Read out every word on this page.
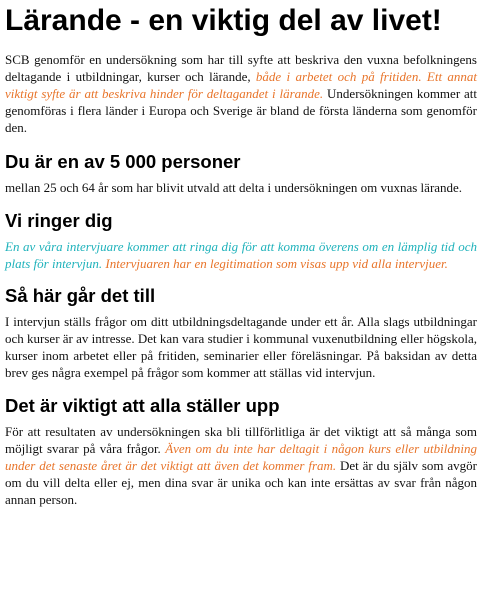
Lärande - en viktig del av livet!

SCB genomför en undersökning som har till syfte att beskriva den vuxna befolkningens deltagande i utbildningar, kurser och lärande, både i arbetet och på fritiden. Ett annat viktigt syfte är att beskriva hinder för deltagandet i lärande. Undersökningen kommer att genomföras i flera länder i Europa och Sverige är bland de första länderna som genomför den.

Du är en av 5 000 personer

mellan 25 och 64 år som har blivit utvald att delta i undersökningen om vuxnas lärande.

Vi ringer dig

En av våra intervjuare kommer att ringa dig för att komma överens om en lämplig tid och plats för intervjun. Intervjuaren har en legitimation som visas upp vid alla intervjuer.

Så här går det till

I intervjun ställs frågor om ditt utbildningsdeltagande under ett år. Alla slags utbildningar och kurser är av intresse. Det kan vara studier i kommunal vuxenutbildning eller högskola, kurser inom arbetet eller på fritiden, seminarier eller föreläsningar. På baksidan av detta brev ges några exempel på frågor som kommer att ställas vid intervjun.

Det är viktigt att alla ställer upp

För att resultaten av undersökningen ska bli tillförlitliga är det viktigt att så många som möjligt svarar på våra frågor. Även om du inte har deltagit i någon kurs eller utbildning under det senaste året är det viktigt att även det kommer fram. Det är du själv som avgör om du vill delta eller ej, men dina svar är unika och kan inte ersättas av svar från någon annan person.
